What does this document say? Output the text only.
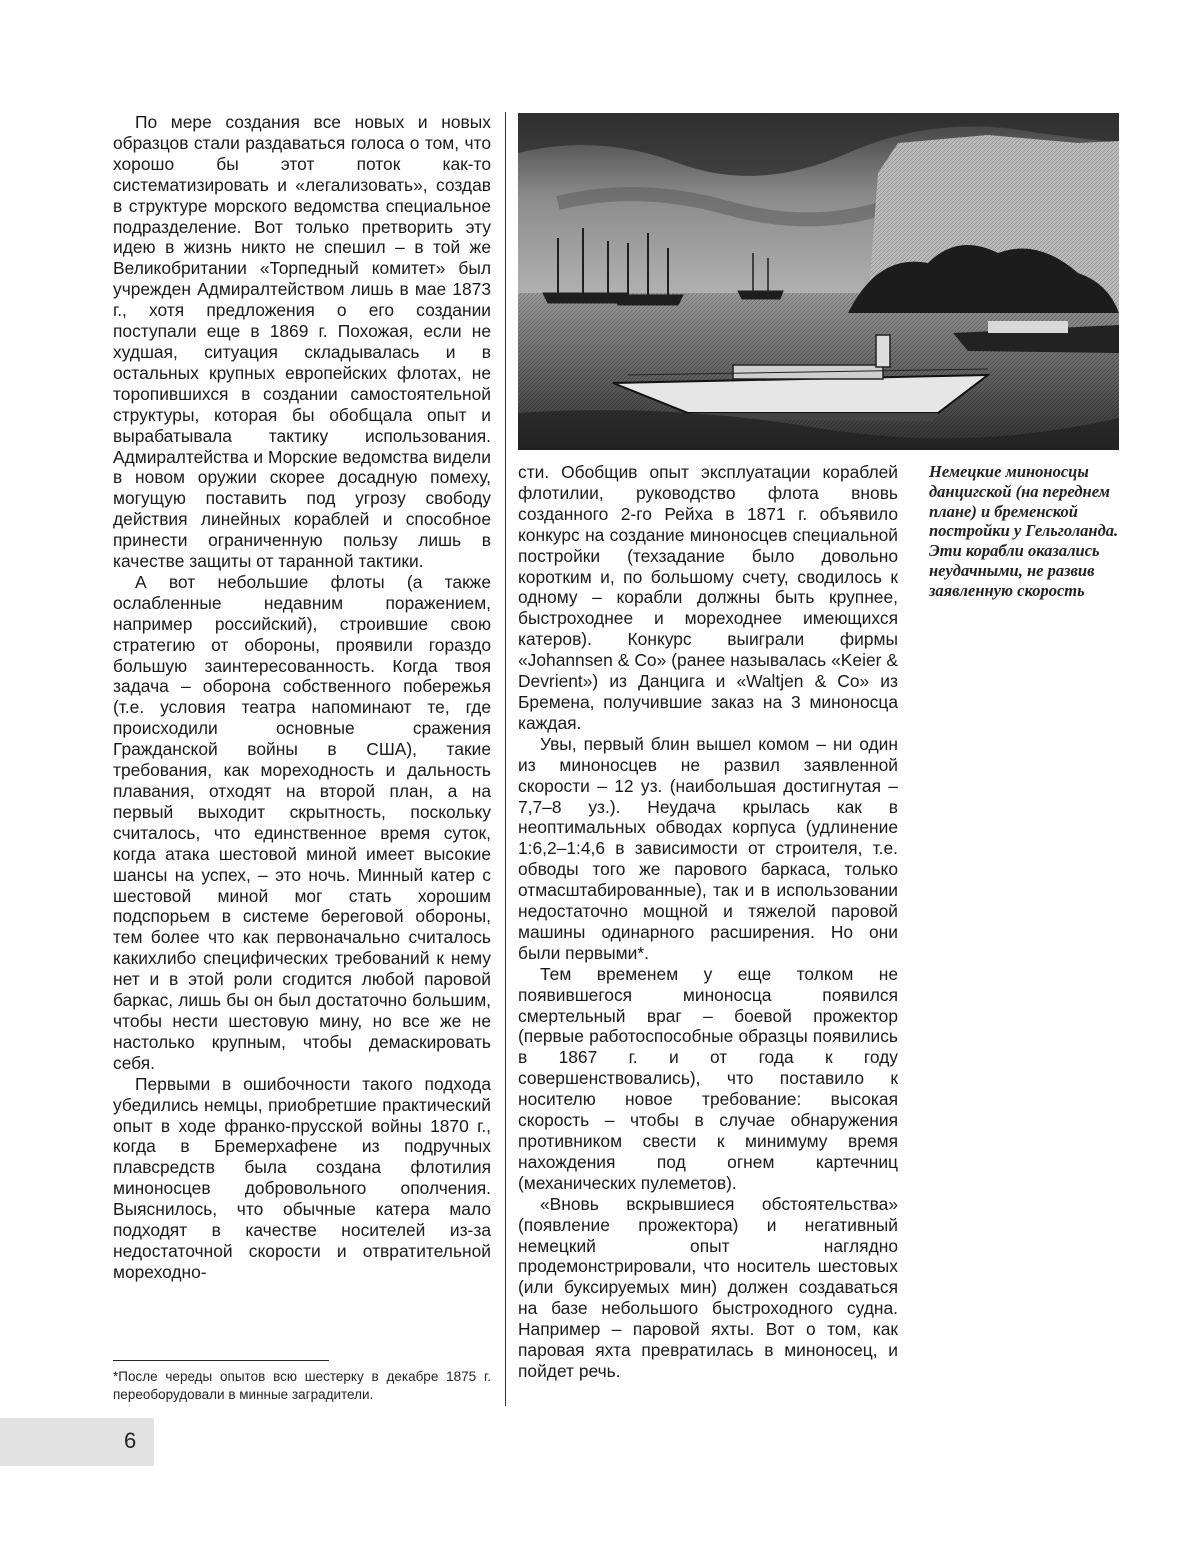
По мере создания все новых и новых образцов стали раздаваться голоса о том, что хорошо бы этот поток как-то систематизировать и «легализовать», создав в структуре морского ведомства специальное подразделение. Вот только претворить эту идею в жизнь никто не спешил – в той же Великобритании «Торпедный комитет» был учрежден Адмиралтейством лишь в мае 1873 г., хотя предложения о его создании поступали еще в 1869 г. Похожая, если не худшая, ситуация складывалась и в остальных крупных европейских флотах, не торопившихся в создании самостоятельной структуры, которая бы обобщала опыт и вырабатывала тактику использования. Адмиралтейства и Морские ведомства видели в новом оружии скорее досадную помеху, могущую поставить под угрозу свободу действия линейных кораблей и способное принести ограниченную пользу лишь в качестве защиты от таранной тактики.

А вот небольшие флоты (а также ослабленные недавним поражением, например российский), строившие свою стратегию от обороны, проявили гораздо большую заинтересованность. Когда твоя задача – оборона собственного побережья (т.е. условия театра напоминают те, где происходили основные сражения Гражданской войны в США), такие требования, как мореходность и дальность плавания, отходят на второй план, а на первый выходит скрытность, поскольку считалось, что единственное время суток, когда атака шестовой миной имеет высокие шансы на успех, – это ночь. Минный катер с шестовой миной мог стать хорошим подспорьем в системе береговой обороны, тем более что как первоначально считалось какихлибо специфических требований к нему нет и в этой роли сгодится любой паровой баркас, лишь бы он был достаточно большим, чтобы нести шестовую мину, но все же не настолько крупным, чтобы демаскировать себя.

Первыми в ошибочности такого подхода убедились немцы, приобретшие практический опыт в ходе франко-прусской войны 1870 г., когда в Бремерхафене из подручных плавсредств была создана флотилия миноносцев добровольного ополчения. Выяснилось, что обычные катера мало подходят в качестве носителей из-за недостаточной скорости и отвратительной мореходно-

сти. Обобщив опыт эксплуатации кораблей флотилии, руководство флота вновь созданного 2-го Рейха в 1871 г. объявило конкурс на создание миноносцев специальной постройки (техзадание было довольно коротким и, по большому счету, сводилось к одному – корабли должны быть крупнее, быстроходнее и мореходнее имеющихся катеров). Конкурс выиграли фирмы «Johannsen & Co» (ранее называлась «Keier & Devrient») из Данцига и «Waltjen & Co» из Бремена, получившие заказ на 3 миноносца каждая.

Увы, первый блин вышел комом – ни один из миноносцев не развил заявленной скорости – 12 уз. (наибольшая достигнутая – 7,7–8 уз.). Неудача крылась как в неоптимальных обводах корпуса (удлинение 1:6,2–1:4,6 в зависимости от строителя, т.е. обводы того же парового баркаса, только отмасштабированные), так и в использовании недостаточно мощной и тяжелой паровой машины одинарного расширения. Но они были первыми*.

Тем временем у еще толком не появившегося миноносца появился смертельный враг – боевой прожектор (первые работоспособные образцы появились в 1867 г. и от года к году совершенствовались), что поставило к носителю новое требование: высокая скорость – чтобы в случае обнаружения противником свести к минимуму время нахождения под огнем картечниц (механических пулеметов).

«Вновь вскрывшиеся обстоятельства» (появление прожектора) и негативный немецкий опыт наглядно продемонстрировали, что носитель шестовых (или буксируемых мин) должен создаваться на базе небольшого быстроходного судна. Например – паровой яхты. Вот о том, как паровая яхта превратилась в миноносец, и пойдет речь.

Немецкие миноносцы данцигской (на переднем плане) и бременской постройки у Гельголанда. Эти корабли оказались неудачными, не развив заявленную скорость
*После череды опытов всю шестерку в декабре 1875 г. переоборудовали в минные заградители.
6
